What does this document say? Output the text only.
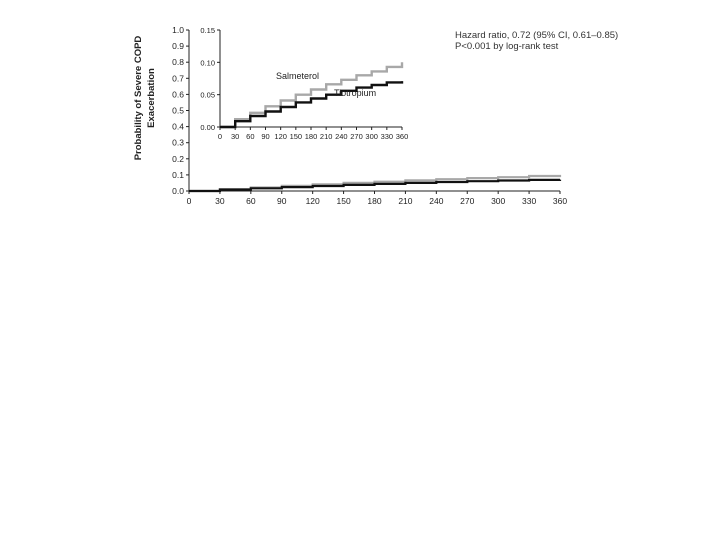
0	30	60	90 120 150 180 210 240 270 300 330 360
0.0
0.1
0.2
0.3
0.4
0.5
0.6
0.7
0.8
0.9
1.0
0 30 60 90 120 150 180 210 240 270 300 330 360
0.00
0.05
0.10
0.15
Probability of Severe COPD Exacerbation
Hazard ratio, 0.72 (95% CI, 0.61–0.85)
P<0.001 by log-rank test
Salmeterol
Tiotropium
